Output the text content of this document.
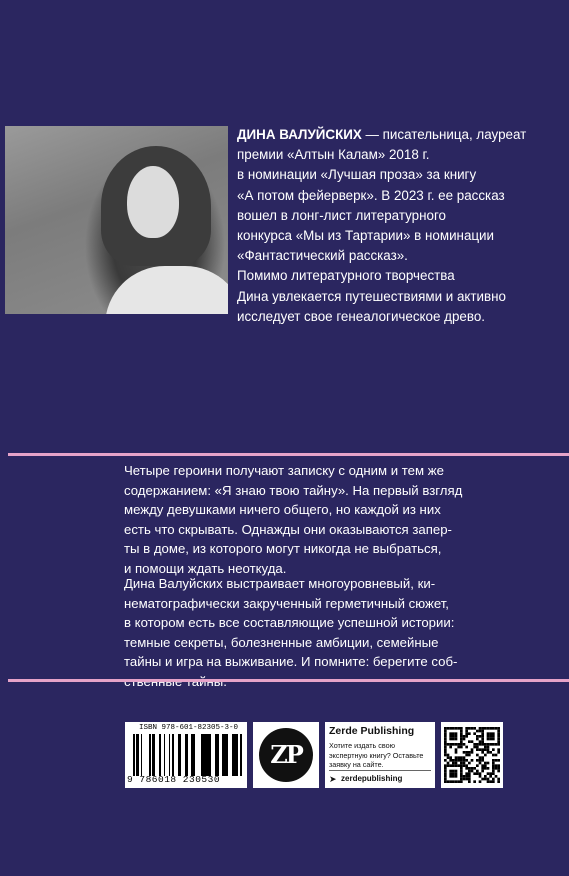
ДИНА ВАЛУЙСКИХ — писательница, лауреат
премии «Алтын Калам» 2018 г.
в номинации «Лучшая проза» за книгу
«А потом фейерверк». В 2023 г. ее рассказ
вошел в лонг-лист литературного
конкурса «Мы из Тартарии» в номинации
«Фантастический рассказ».
Помимо литературного творчества
Дина увлекается путешествиями и активно
исследует свое генеалогическое древо.
Четыре героини получают записку с одним и тем же
содержанием: «Я знаю твою тайну». На первый взгляд
между девушками ничего общего, но каждой из них
есть что скрывать. Однажды они оказываются запер-
ты в доме, из которого могут никогда не выбраться,
и помощи ждать неоткуда.
Дина Валуйских выстраивает многоуровневый, ки-
нематографически закрученный герметичный сюжет,
в котором есть все составляющие успешной истории:
темные секреты, болезненные амбиции, семейные
тайны и игра на выживание. И помните: берегите соб-
ISBN 978-601-82305-3-0
9 786018 230530
ZP
Zerde Publishing
Хотите издать свою экспертную книгу? Оставьте заявку на сайте.
➤ zerdepublishing
